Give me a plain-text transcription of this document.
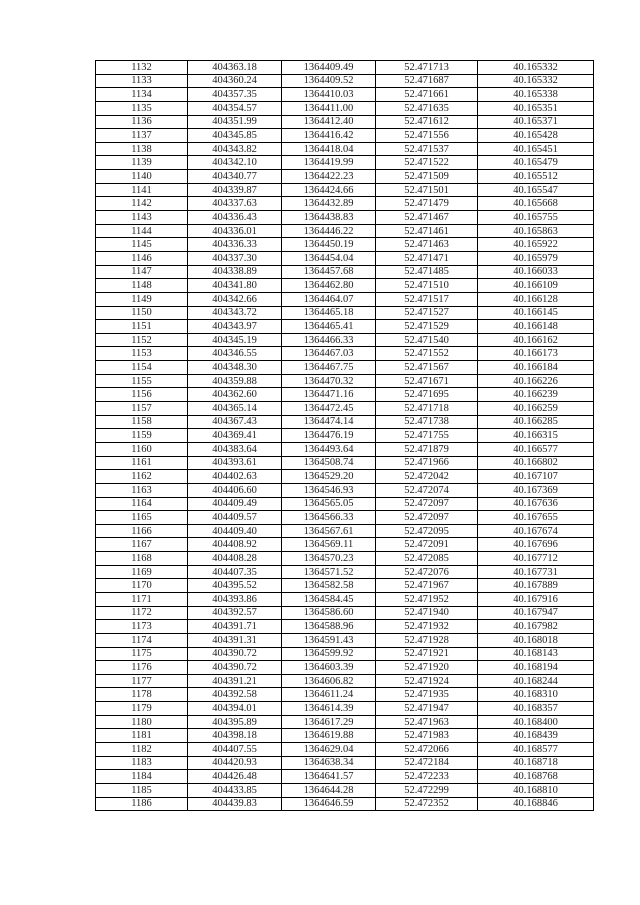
1132	404363.18	1364409.49	52.471713	40.165332
1133	404360.24	1364409.52	52.471687	40.165332
1134	404357.35	1364410.03	52.471661	40.165338
1135	404354.57	1364411.00	52.471635	40.165351
1136	404351.99	1364412.40	52.471612	40.165371
1137	404345.85	1364416.42	52.471556	40.165428
1138	404343.82	1364418.04	52.471537	40.165451
1139	404342.10	1364419.99	52.471522	40.165479
1140	404340.77	1364422.23	52.471509	40.165512
1141	404339.87	1364424.66	52.471501	40.165547
1142	404337.63	1364432.89	52.471479	40.165668
1143	404336.43	1364438.83	52.471467	40.165755
1144	404336.01	1364446.22	52.471461	40.165863
1145	404336.33	1364450.19	52.471463	40.165922
1146	404337.30	1364454.04	52.471471	40.165979
1147	404338.89	1364457.68	52.471485	40.166033
1148	404341.80	1364462.80	52.471510	40.166109
1149	404342.66	1364464.07	52.471517	40.166128
1150	404343.72	1364465.18	52.471527	40.166145
1151	404343.97	1364465.41	52.471529	40.166148
1152	404345.19	1364466.33	52.471540	40.166162
1153	404346.55	1364467.03	52.471552	40.166173
1154	404348.30	1364467.75	52.471567	40.166184
1155	404359.88	1364470.32	52.471671	40.166226
1156	404362.60	1364471.16	52.471695	40.166239
1157	404365.14	1364472.45	52.471718	40.166259
1158	404367.43	1364474.14	52.471738	40.166285
1159	404369.41	1364476.19	52.471755	40.166315
1160	404383.64	1364493.64	52.471879	40.166577
1161	404393.61	1364508.74	52.471966	40.166802
1162	404402.63	1364529.20	52.472042	40.167107
1163	404406.60	1364546.93	52.472074	40.167369
1164	404409.49	1364565.05	52.472097	40.167636
1165	404409.57	1364566.33	52.472097	40.167655
1166	404409.40	1364567.61	52.472095	40.167674
1167	404408.92	1364569.11	52.472091	40.167696
1168	404408.28	1364570.23	52.472085	40.167712
1169	404407.35	1364571.52	52.472076	40.167731
1170	404395.52	1364582.58	52.471967	40.167889
1171	404393.86	1364584.45	52.471952	40.167916
1172	404392.57	1364586.60	52.471940	40.167947
1173	404391.71	1364588.96	52.471932	40.167982
1174	404391.31	1364591.43	52.471928	40.168018
1175	404390.72	1364599.92	52.471921	40.168143
1176	404390.72	1364603.39	52.471920	40.168194
1177	404391.21	1364606.82	52.471924	40.168244
1178	404392.58	1364611.24	52.471935	40.168310
1179	404394.01	1364614.39	52.471947	40.168357
1180	404395.89	1364617.29	52.471963	40.168400
1181	404398.18	1364619.88	52.471983	40.168439
1182	404407.55	1364629.04	52.472066	40.168577
1183	404420.93	1364638.34	52.472184	40.168718
1184	404426.48	1364641.57	52.472233	40.168768
1185	404433.85	1364644.28	52.472299	40.168810
1186	404439.83	1364646.59	52.472352	40.168846
